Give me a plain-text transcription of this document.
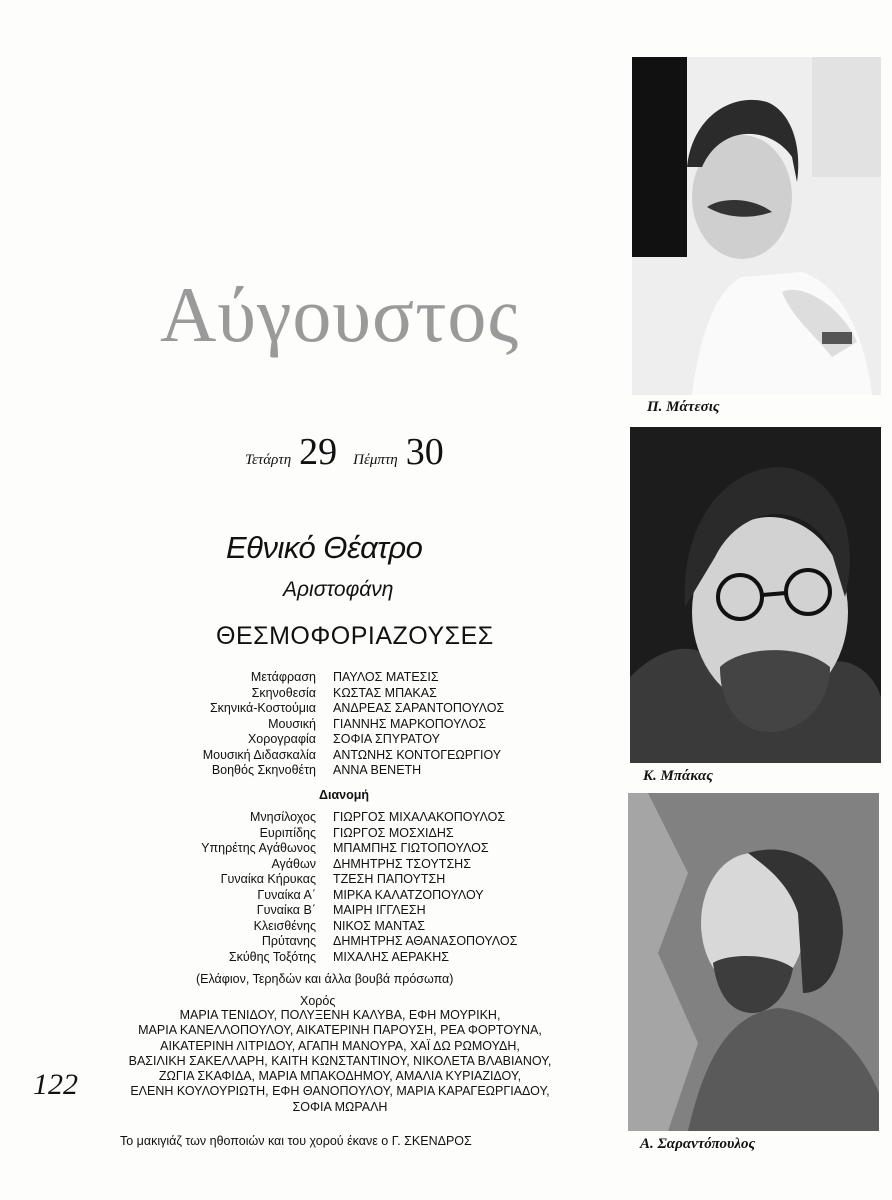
Αύγουστος
Τετάρτη 29 Πέμπτη 30
Εθνικό Θέατρο
Αριστοφάνη
ΘΕΣΜΟΦΟΡΙΑΖΟΥΣΕΣ
Μετάφραση	ΠΑΥΛΟΣ ΜΑΤΕΣΙΣ
Σκηνοθεσία	ΚΩΣΤΑΣ ΜΠΑΚΑΣ
Σκηνικά-Κοστούμια	ΑΝΔΡΕΑΣ ΣΑΡΑΝΤΟΠΟΥΛΟΣ
Μουσική	ΓΙΑΝΝΗΣ ΜΑΡΚΟΠΟΥΛΟΣ
Χορογραφία	ΣΟΦΙΑ ΣΠΥΡΑΤΟΥ
Μουσική Διδασκαλία	ΑΝΤΩΝΗΣ ΚΟΝΤΟΓΕΩΡΓΙΟΥ
Βοηθός Σκηνοθέτη	ΑΝΝΑ ΒΕΝΕΤΗ
Διανομή
Μνησίλοχος	ΓΙΩΡΓΟΣ ΜΙΧΑΛΑΚΟΠΟΥΛΟΣ
Ευριπίδης	ΓΙΩΡΓΟΣ ΜΟΣΧΙΔΗΣ
Υπηρέτης Αγάθωνος	ΜΠΑΜΠΗΣ ΓΙΩΤΟΠΟΥΛΟΣ
Αγάθων	ΔΗΜΗΤΡΗΣ ΤΣΟΥΤΣΗΣ
Γυναίκα Κήρυκας	ΤΖΕΣΗ ΠΑΠΟΥΤΣΗ
Γυναίκα Α΄	ΜΙΡΚΑ ΚΑΛΑΤΖΟΠΟΥΛΟΥ
Γυναίκα Β΄	ΜΑΙΡΗ ΙΓΓΛΕΣΗ
Κλεισθένης	ΝΙΚΟΣ ΜΑΝΤΑΣ
Πρύτανης	ΔΗΜΗΤΡΗΣ ΑΘΑΝΑΣΟΠΟΥΛΟΣ
Σκύθης Τοξότης	ΜΙΧΑΛΗΣ ΑΕΡΑΚΗΣ
(Ελάφιον, Τερηδών και άλλα βουβά πρόσωπα)
Χορός
ΜΑΡΙΑ ΤΕΝΙΔΟΥ, ΠΟΛΥΞΕΝΗ ΚΑΛΥΒΑ, ΕΦΗ ΜΟΥΡΙΚΗ,
ΜΑΡΙΑ ΚΑΝΕΛΛΟΠΟΥΛΟΥ, ΑΙΚΑΤΕΡΙΝΗ ΠΑΡΟΥΣΗ, ΡΕΑ ΦΟΡΤΟΥΝΑ,
ΑΙΚΑΤΕΡΙΝΗ ΛΙΤΡΙΔΟΥ, ΑΓΑΠΗ ΜΑΝΟΥΡΑ, ΧΑΪ ΔΩ ΡΩΜΟΥΔΗ,
ΒΑΣΙΛΙΚΗ ΣΑΚΕΛΛΑΡΗ, ΚΑΙΤΗ ΚΩΝΣΤΑΝΤΙΝΟΥ, ΝΙΚΟΛΕΤΑ ΒΛΑΒΙΑΝΟΥ,
ΖΩΓΙΑ ΣΚΑΦΙΔΑ, ΜΑΡΙΑ ΜΠΑΚΟΔΗΜΟΥ, ΑΜΑΛΙΑ ΚΥΡΙΑΖΙΔΟΥ,
ΕΛΕΝΗ ΚΟΥΛΟΥΡΙΩΤΗ, ΕΦΗ ΘΑΝΟΠΟΥΛΟΥ, ΜΑΡΙΑ ΚΑΡΑΓΕΩΡΓΙΑΔΟΥ,
ΣΟΦΙΑ ΜΩΡΑΛΗ
Το μακιγιάζ των ηθοποιών και του χορού έκανε ο Γ. ΣΚΕΝΔΡΟΣ
122
Π. Μάτεσις
Κ. Μπάκας
Α. Σαραντόπουλος
